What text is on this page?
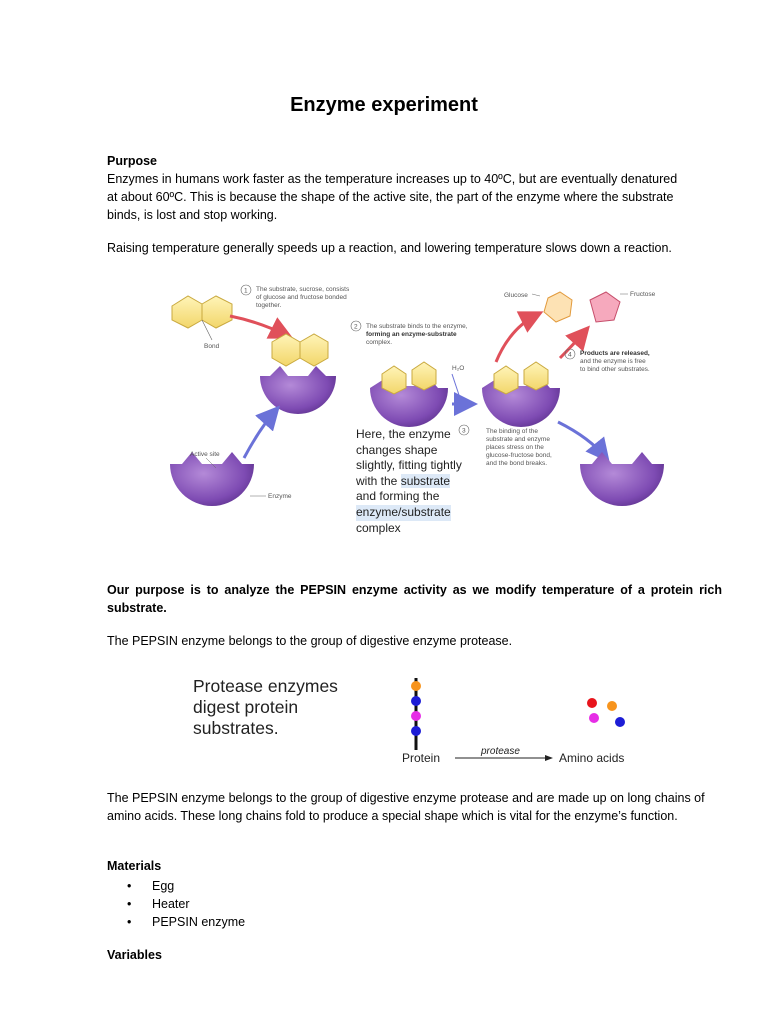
Enzyme experiment
Purpose
Enzymes in humans work faster as the temperature increases up to 40ºC, but are eventually denatured
at about 60ºC. This is because the shape of the active site, the part of the enzyme where the substrate
binds, is lost and stop working.
Raising temperature generally speeds up a reaction, and lowering temperature slows down a reaction.
Bond
1 The substrate, sucrose, consists
of glucose and fructose bonded
together.
2 The substrate binds to the enzyme,
forming an enzyme-substrate
complex.
Active site
Enzyme
H₂O
3	The binding of the
substrate and enzyme
places stress on the
glucose-fructose bond,
and the bond breaks.
Glucose	Fructose
4 Products are released,
and the enzyme is free
to bind other substrates.
Here, the enzyme
changes shape
slightly, fitting tightly
with the substrate
and forming the
enzyme/substrate
complex
Our purpose is to analyze the PEPSIN enzyme activity as we modify temperature of a protein rich substrate.
The PEPSIN enzyme belongs to the group of digestive enzyme protease.
Protease enzymes
digest protein
substrates.
Protein	protease	Amino acids
The PEPSIN enzyme belongs to the group of digestive enzyme protease and are made up on long chains of amino acids. These long chains fold to produce a special shape which is vital for the enzyme’s function.
Materials
• Egg
• Heater
• PEPSIN enzyme
Variables
